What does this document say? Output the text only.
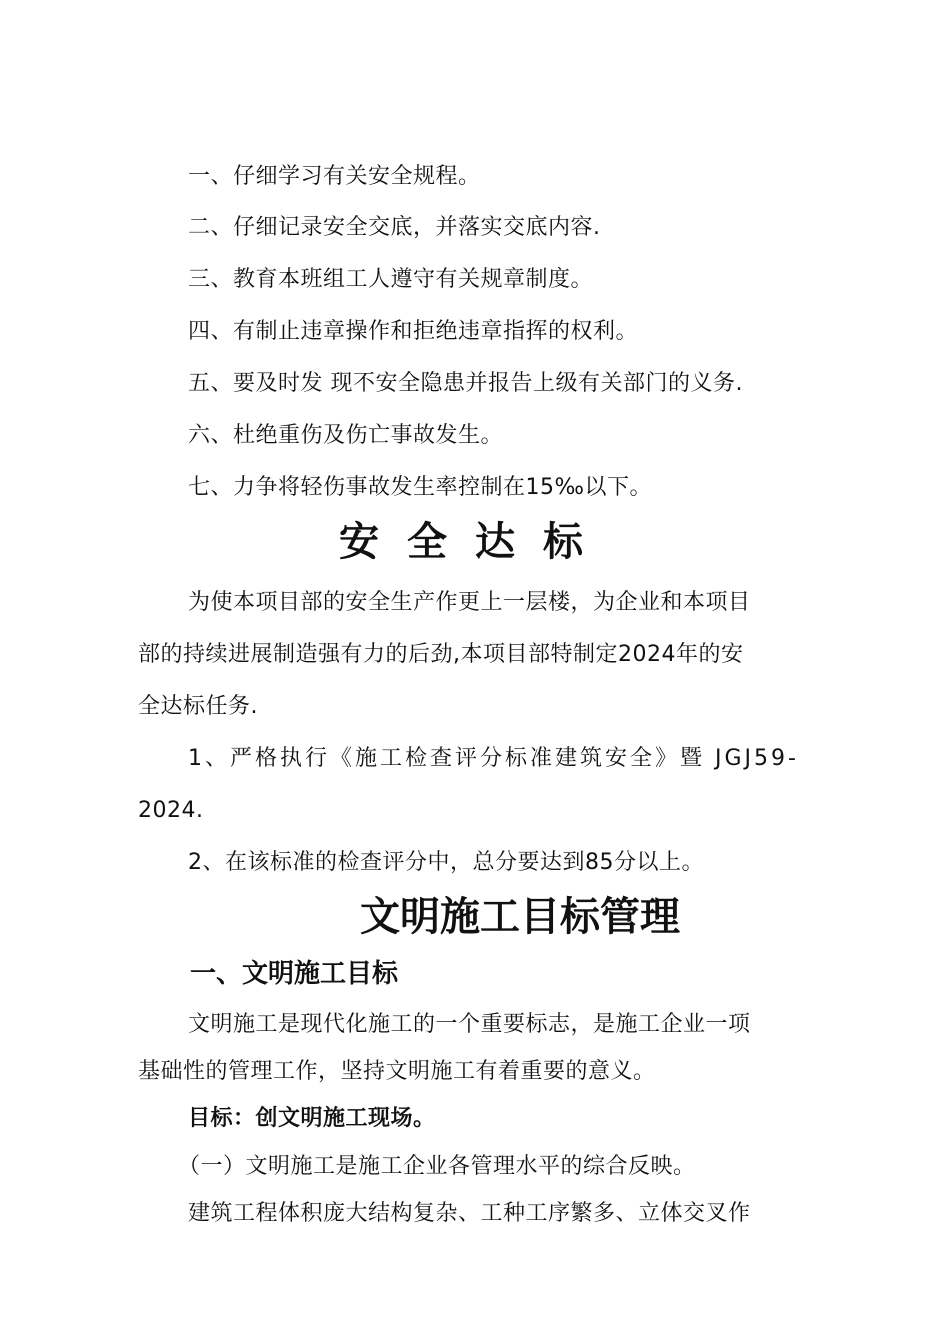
一、仔细学习有关安全规程。
二、仔细记录安全交底，并落实交底内容.
三、教育本班组工人遵守有关规章制度。
四、有制止违章操作和拒绝违章指挥的权利。
五、要及时发 现不安全隐患并报告上级有关部门的义务.
六、杜绝重伤及伤亡事故发生。
七、力争将轻伤事故发生率控制在15‰以下。
安全达标
为使本项目部的安全生产作更上一层楼，为企业和本项目
部的持续进展制造强有力的后劲,本项目部特制定2024年的安
全达标任务.
1、严格执行《施工检查评分标准建筑安全》暨 JGJ59-
2024.
2、在该标准的检查评分中，总分要达到85分以上。
文明施工目标管理
一、文明施工目标
文明施工是现代化施工的一个重要标志，是施工企业一项
基础性的管理工作，坚持文明施工有着重要的意义。
目标：创文明施工现场。
（一）文明施工是施工企业各管理水平的综合反映。
建筑工程体积庞大结构复杂、工种工序繁多、立体交叉作
